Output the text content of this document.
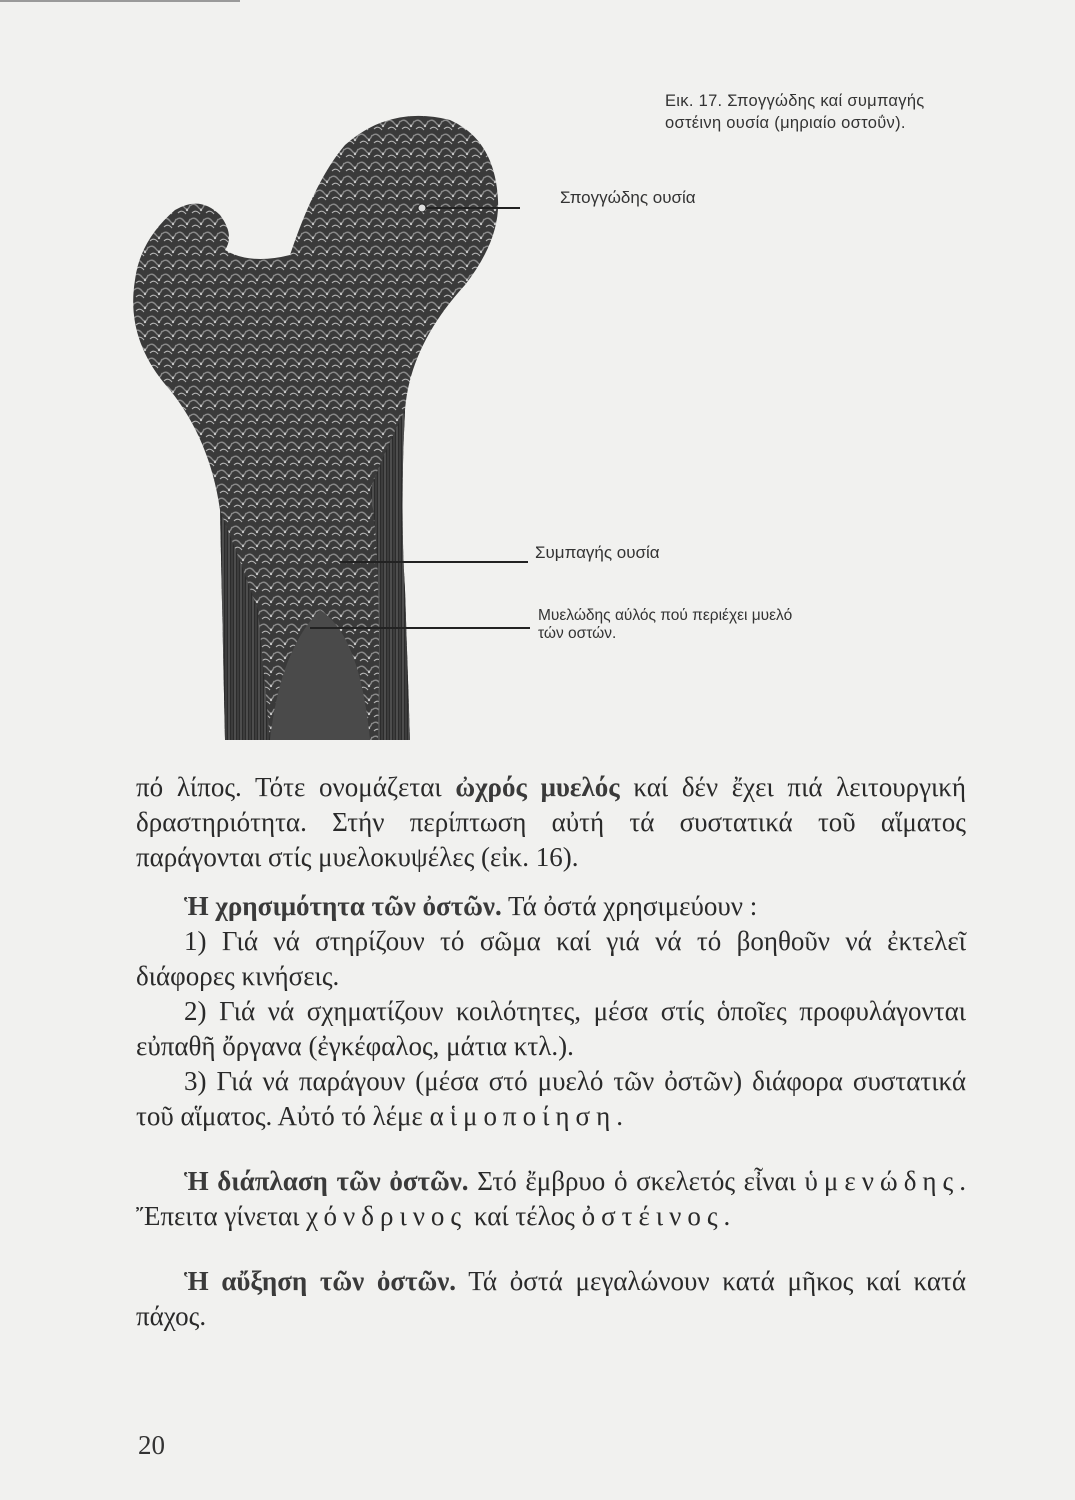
Εικ. 17. Σπογγώδης καί συμπαγής οστέινη ουσία (μηριαίο οστοΰν).
Σπογγώδης ουσία
Συμπαγής ουσία
Μυελώδης αύλός πού περιέχει μυελό τών οστών.

πό λίπος. Τότε ονομάζεται ὠχρός μυελός καί δέν ἔχει πιά λειτουργική δραστηριότητα. Στήν περίπτωση αὐτή τά συστατικά τοῦ αἵματος παράγονται στίς μυελοκυψέλες (εἰκ. 16).

Ἡ χρησιμότητα τῶν ὀστῶν. Τά ὀστά χρησιμεύουν :

1) Γιά νά στηρίζουν τό σῶμα καί γιά νά τό βοηθοῦν νά ἐκτελεῖ διάφορες κινήσεις.

2) Γιά νά σχηματίζουν κοιλότητες, μέσα στίς ὁποῖες προφυλάγονται εὐπαθῆ ὄργανα (ἐγκέφαλος, μάτια κτλ.).

3) Γιά νά παράγουν (μέσα στό μυελό τῶν ὀστῶν) διάφορα συστατικά τοῦ αἵματος. Αὐτό τό λέμε αἱμοποίηση.

Ἡ διάπλαση τῶν ὀστῶν. Στό ἔμβρυο ὁ σκελετός εἶναι ὑμενώδης. Ἔπειτα γίνεται χόνδρινος καί τέλος ὀστέινος.

Ἡ αὔξηση τῶν ὀστῶν. Τά ὀστά μεγαλώνουν κατά μῆκος καί κατά πάχος.

20
